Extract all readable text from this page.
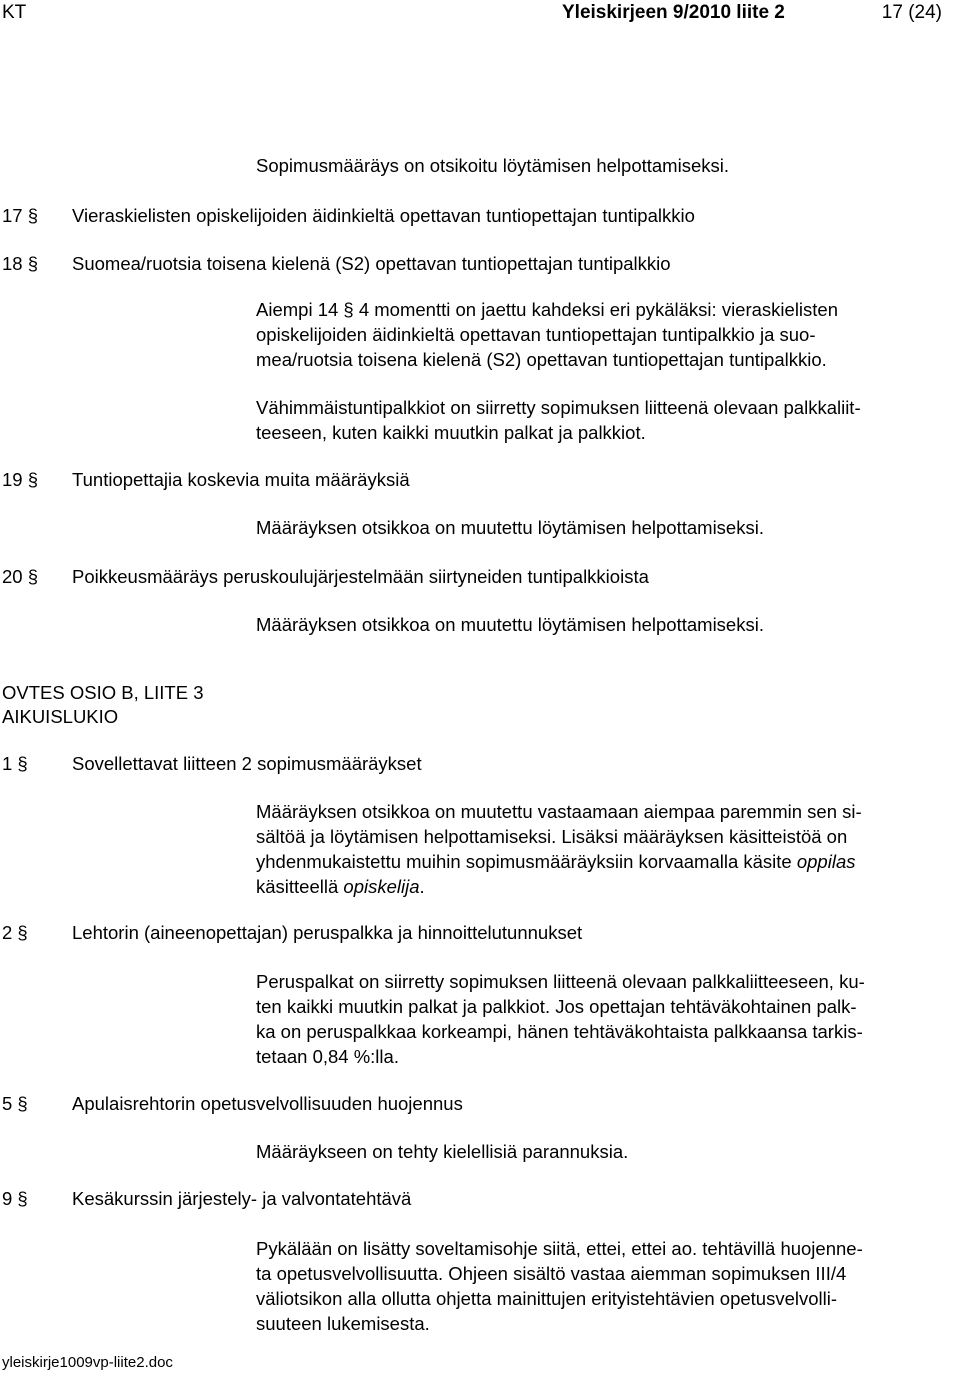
KT	Yleiskirjeen 9/2010 liite 2	17 (24)
Sopimusmääräys on otsikoitu löytämisen helpottamiseksi.
17 § Vieraskielisten opiskelijoiden äidinkieltä opettavan tuntiopettajan tuntipalkkio
18 § Suomea/ruotsia toisena kielenä (S2) opettavan tuntiopettajan tuntipalkkio
Aiempi 14 § 4 momentti on jaettu kahdeksi eri pykäläksi: vieraskielisten
opiskelijoiden äidinkieltä opettavan tuntiopettajan tuntipalkkio ja suo-
mea/ruotsia toisena kielenä (S2) opettavan tuntiopettajan tuntipalkkio.
Vähimmäistuntipalkkiot on siirretty sopimuksen liitteenä olevaan palkkaliit-
teeseen, kuten kaikki muutkin palkat ja palkkiot.
19 § Tuntiopettajia koskevia muita määräyksiä
Määräyksen otsikkoa on muutettu löytämisen helpottamiseksi.
20 § Poikkeusmääräys peruskoulujärjestelmään siirtyneiden tuntipalkkioista
Määräyksen otsikkoa on muutettu löytämisen helpottamiseksi.
OVTES OSIO B, LIITE 3
AIKUISLUKIO
1 § Sovellettavat liitteen 2 sopimusmääräykset
Määräyksen otsikkoa on muutettu vastaamaan aiempaa paremmin sen si-
sältöä ja löytämisen helpottamiseksi. Lisäksi määräyksen käsitteistöä on
yhdenmukaistettu muihin sopimusmääräyksiin korvaamalla käsite oppilas
käsitteellä opiskelija.
2 § Lehtorin (aineenopettajan) peruspalkka ja hinnoittelutunnukset
Peruspalkat on siirretty sopimuksen liitteenä olevaan palkkaliitteeseen, ku-
ten kaikki muutkin palkat ja palkkiot. Jos opettajan tehtäväkohtainen palk-
ka on peruspalkkaa korkeampi, hänen tehtäväkohtaista palkkaansa tarkis-
tetaan 0,84 %:lla.
5 § Apulaisrehtorin opetusvelvollisuuden huojennus
Määräykseen on tehty kielellisiä parannuksia.
9 § Kesäkurssin järjestely- ja valvontatehtävä
Pykälään on lisätty soveltamisohje siitä, ettei, ettei ao. tehtävillä huojenne-
ta opetusvelvollisuutta. Ohjeen sisältö vastaa aiemman sopimuksen III/4
väliotsikon alla ollutta ohjetta mainittujen erityistehtävien opetusvelvolli-
suuteen lukemisesta.
yleiskirje1009vp-liite2.doc
